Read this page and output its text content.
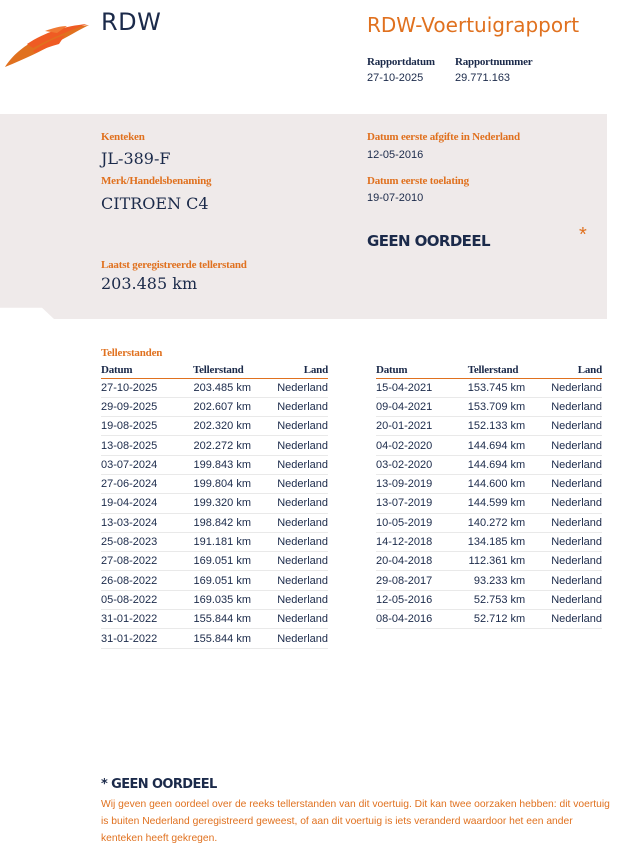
RDW	RDW-Voertuigrapport
Rapportdatum
27-10-2025
Rapportnummer
29.771.163
Kenteken
JL-389-F
Merk/Handelsbenaming
CITROEN C4
Datum eerste afgifte in Nederland
12-05-2016
Datum eerste toelating
19-07-2010
GEEN OORDEEL	*
Laatst geregistreerde tellerstand
203.485 km
Tellerstanden
Datum	Tellerstand	Land
27-10-2025	203.485 km	Nederland
29-09-2025	202.607 km	Nederland
19-08-2025	202.320 km	Nederland
13-08-2025	202.272 km	Nederland
03-07-2024	199.843 km	Nederland
27-06-2024	199.804 km	Nederland
19-04-2024	199.320 km	Nederland
13-03-2024	198.842 km	Nederland
25-08-2023	191.181 km	Nederland
27-08-2022	169.051 km	Nederland
26-08-2022	169.051 km	Nederland
05-08-2022	169.035 km	Nederland
31-01-2022	155.844 km	Nederland
31-01-2022	155.844 km	Nederland
Datum	Tellerstand	Land
15-04-2021	153.745 km	Nederland
09-04-2021	153.709 km	Nederland
20-01-2021	152.133 km	Nederland
04-02-2020	144.694 km	Nederland
03-02-2020	144.694 km	Nederland
13-09-2019	144.600 km	Nederland
13-07-2019	144.599 km	Nederland
10-05-2019	140.272 km	Nederland
14-12-2018	134.185 km	Nederland
20-04-2018	112.361 km	Nederland
29-08-2017	93.233 km	Nederland
12-05-2016	52.753 km	Nederland
08-04-2016	52.712 km	Nederland
* GEEN OORDEEL
Wij geven geen oordeel over de reeks tellerstanden van dit voertuig. Dit kan twee oorzaken hebben: dit voertuig is buiten Nederland geregistreerd geweest, of aan dit voertuig is iets veranderd waardoor het een ander kenteken heeft gekregen.
